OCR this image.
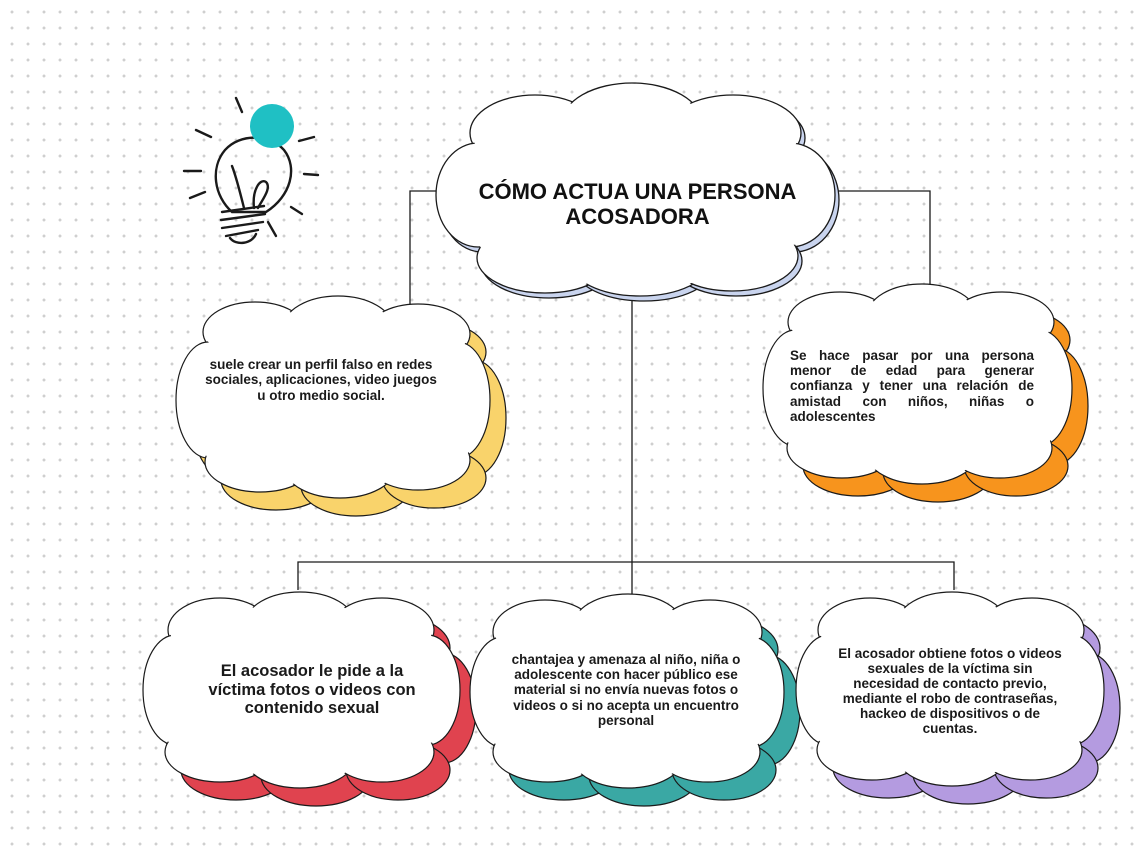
CÓMO ACTUA UNA PERSONA ACOSADORA
suele crear un perfil falso en redes sociales, aplicaciones, video juegos u otro medio social.
Se hace pasar por una persona menor de edad para generar confianza y tener una relación de amistad con niños, niñas o adolescentes
El acosador le pide a la víctima fotos o videos con contenido sexual
chantajea y amenaza al niño, niña o adolescente con hacer público ese material si no envía nuevas fotos o videos o si no acepta un encuentro personal
El acosador obtiene fotos o videos sexuales de la víctima sin necesidad de contacto previo, mediante el robo de contraseñas, hackeo de dispositivos o de cuentas.
